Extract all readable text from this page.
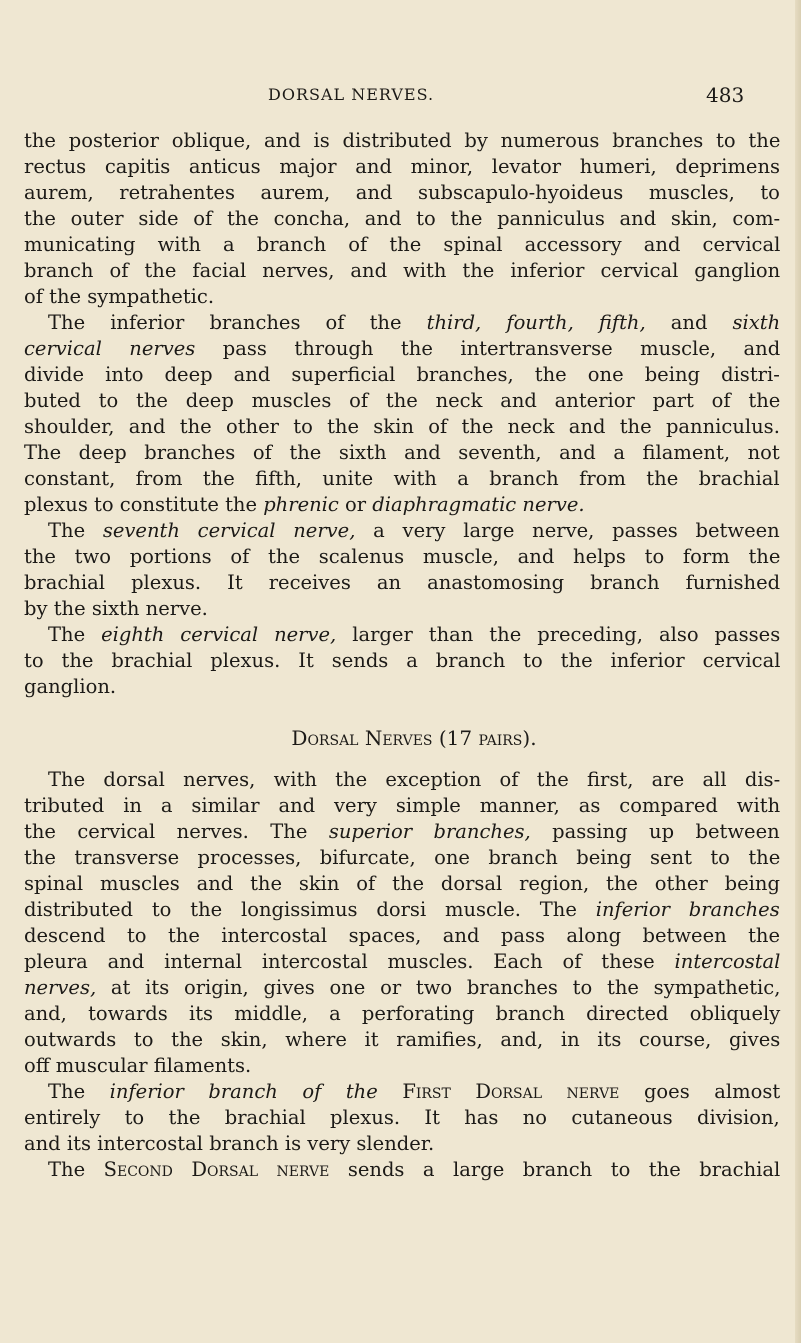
DORSAL NERVES.	483
the posterior oblique, and is distributed by numerous branches to the
rectus capitis anticus major and minor, levator humeri, deprimens
aurem, retrahentes aurem, and subscapulo-hyoideus muscles, to
the outer side of the concha, and to the panniculus and skin, com-
municating with a branch of the spinal accessory and cervical
branch of the facial nerves, and with the inferior cervical ganglion
of the sympathetic.
The inferior branches of the third, fourth, fifth, and sixth
cervical nerves pass through the intertransverse muscle, and
divide into deep and superficial branches, the one being distri-
buted to the deep muscles of the neck and anterior part of the
shoulder, and the other to the skin of the neck and the panniculus.
The deep branches of the sixth and seventh, and a filament, not
constant, from the fifth, unite with a branch from the brachial
plexus to constitute the phrenic or diaphragmatic nerve.
The seventh cervical nerve, a very large nerve, passes between
the two portions of the scalenus muscle, and helps to form the
brachial plexus. It receives an anastomosing branch furnished
by the sixth nerve.
The eighth cervical nerve, larger than the preceding, also passes
to the brachial plexus. It sends a branch to the inferior cervical
ganglion.
Dorsal Nerves (17 pairs).
The dorsal nerves, with the exception of the first, are all dis-
tributed in a similar and very simple manner, as compared with
the cervical nerves. The superior branches, passing up between
the transverse processes, bifurcate, one branch being sent to the
spinal muscles and the skin of the dorsal region, the other being
distributed to the longissimus dorsi muscle. The inferior branches
descend to the intercostal spaces, and pass along between the
pleura and internal intercostal muscles. Each of these intercostal
nerves, at its origin, gives one or two branches to the sympathetic,
and, towards its middle, a perforating branch directed obliquely
outwards to the skin, where it ramifies, and, in its course, gives
off muscular filaments.
The inferior branch of the First Dorsal nerve goes almost
entirely to the brachial plexus. It has no cutaneous division,
and its intercostal branch is very slender.
The Second Dorsal nerve sends a large branch to the brachial
